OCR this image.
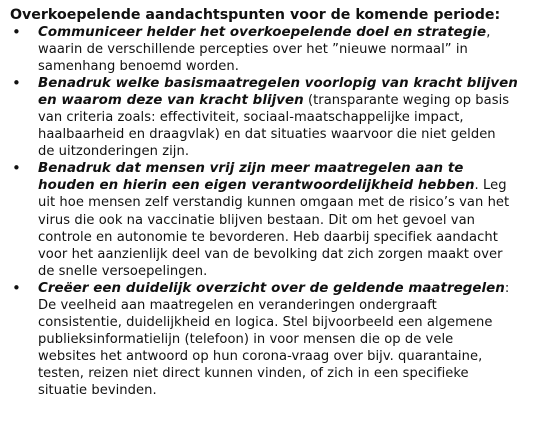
Overkoepelende aandachtspunten voor de komende periode:

• Communiceer helder het overkoepelende doel en strategie,
waarin de verschillende percepties over het ”nieuwe normaal” in
samenhang benoemd worden.
• Benadruk welke basismaatregelen voorlopig van kracht blijven
en waarom deze van kracht blijven (transparante weging op basis
van criteria zoals: effectiviteit, sociaal-maatschappelijke impact,
haalbaarheid en draagvlak) en dat situaties waarvoor die niet gelden
de uitzonderingen zijn.
• Benadruk dat mensen vrij zijn meer maatregelen aan te
houden en hierin een eigen verantwoordelijkheid hebben. Leg
uit hoe mensen zelf verstandig kunnen omgaan met de risico’s van het
virus die ook na vaccinatie blijven bestaan. Dit om het gevoel van
controle en autonomie te bevorderen. Heb daarbij specifiek aandacht
voor het aanzienlijk deel van de bevolking dat zich zorgen maakt over
de snelle versoepelingen.
• Creëer een duidelijk overzicht over de geldende maatregelen:
De veelheid aan maatregelen en veranderingen ondergraaft
consistentie, duidelijkheid en logica. Stel bijvoorbeeld een algemene
publieksinformatielijn (telefoon) in voor mensen die op de vele
websites het antwoord op hun corona-vraag over bijv. quarantaine,
testen, reizen niet direct kunnen vinden, of zich in een specifieke
situatie bevinden.
